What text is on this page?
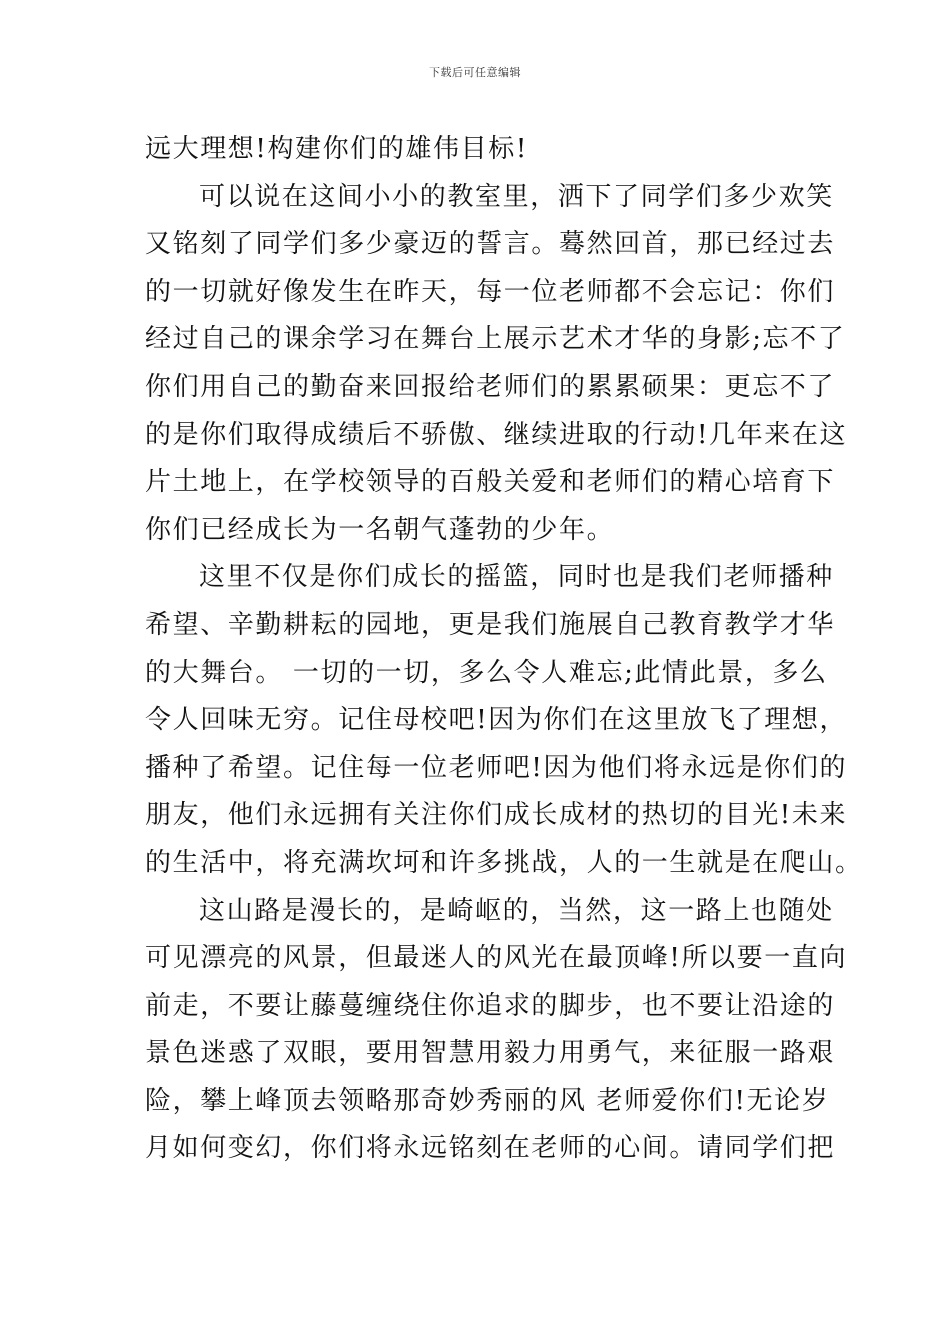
下载后可任意编辑
远大理想!构建你们的雄伟目标!
可以说在这间小小的教室里，洒下了同学们多少欢笑
又铭刻了同学们多少豪迈的誓言。蓦然回首，那已经过去
的一切就好像发生在昨天，每一位老师都不会忘记：你们
经过自己的课余学习在舞台上展示艺术才华的身影;忘不了
你们用自己的勤奋来回报给老师们的累累硕果：更忘不了
的是你们取得成绩后不骄傲、继续进取的行动!几年来在这
片土地上，在学校领导的百般关爱和老师们的精心培育下
你们已经成长为一名朝气蓬勃的少年。
这里不仅是你们成长的摇篮，同时也是我们老师播种
希望、辛勤耕耘的园地，更是我们施展自己教育教学才华
的大舞台。 一切的一切，多么令人难忘;此情此景，多么
令人回味无穷。记住母校吧!因为你们在这里放飞了理想，
播种了希望。记住每一位老师吧!因为他们将永远是你们的
朋友，他们永远拥有关注你们成长成材的热切的目光!未来
的生活中，将充满坎坷和许多挑战，人的一生就是在爬山。
这山路是漫长的，是崎岖的，当然，这一路上也随处
可见漂亮的风景，但最迷人的风光在最顶峰!所以要一直向
前走，不要让藤蔓缠绕住你追求的脚步，也不要让沿途的
景色迷惑了双眼，要用智慧用毅力用勇气，来征服一路艰
险，攀上峰顶去领略那奇妙秀丽的风 老师爱你们!无论岁
月如何变幻，你们将永远铭刻在老师的心间。请同学们把
